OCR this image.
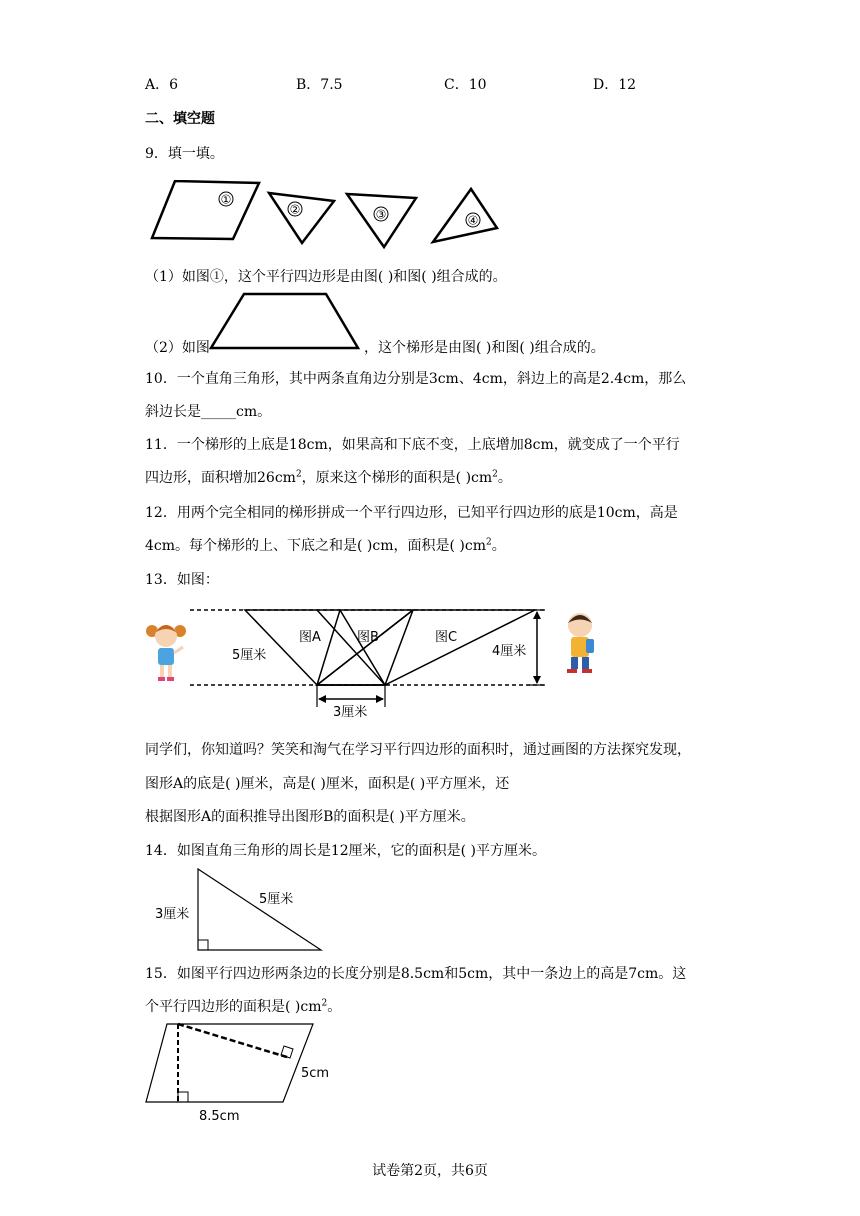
A．6	B．7.5	C．10	D．12
二、填空题
9．填一填。
①
②	③	④
（1）如图①，这个平行四边形是由图( )和图( )组合成的。
（2）如图	，这个梯形是由图( )和图( )组合成的。
10．一个直角三角形，其中两条直角边分别是3cm、4cm，斜边上的高是2.4cm，那么
斜边长是_____cm。
11．一个梯形的上底是18cm，如果高和下底不变，上底增加8cm，就变成了一个平行
四边形，面积增加$26cm^2$，原来这个梯形的面积是( )$cm^2$。
12．用两个完全相同的梯形拼成一个平行四边形，已知平行四边形的底是10cm，高是
4cm。每个梯形的上、下底之和是( )cm，面积是( )$cm^2$。
13．如图：
图A	图B	图C
5厘米	4厘米
3厘米
同学们，你知道吗？笑笑和淘气在学习平行四边形的面积时，通过画图的方法探究发现，
图形A的底是( )厘米，高是( )厘米，面积是( )平方厘米，还
根据图形A的面积推导出图形B的面积是( )平方厘米。
14．如图直角三角形的周长是12厘米，它的面积是( )平方厘米。
3厘米
5厘米
15．如图平行四边形两条边的长度分别是8.5cm和5cm，其中一条边上的高是7cm。这
个平行四边形的面积是( )$cm^2$。
5cm
8.5cm
试卷第2页，共6页
